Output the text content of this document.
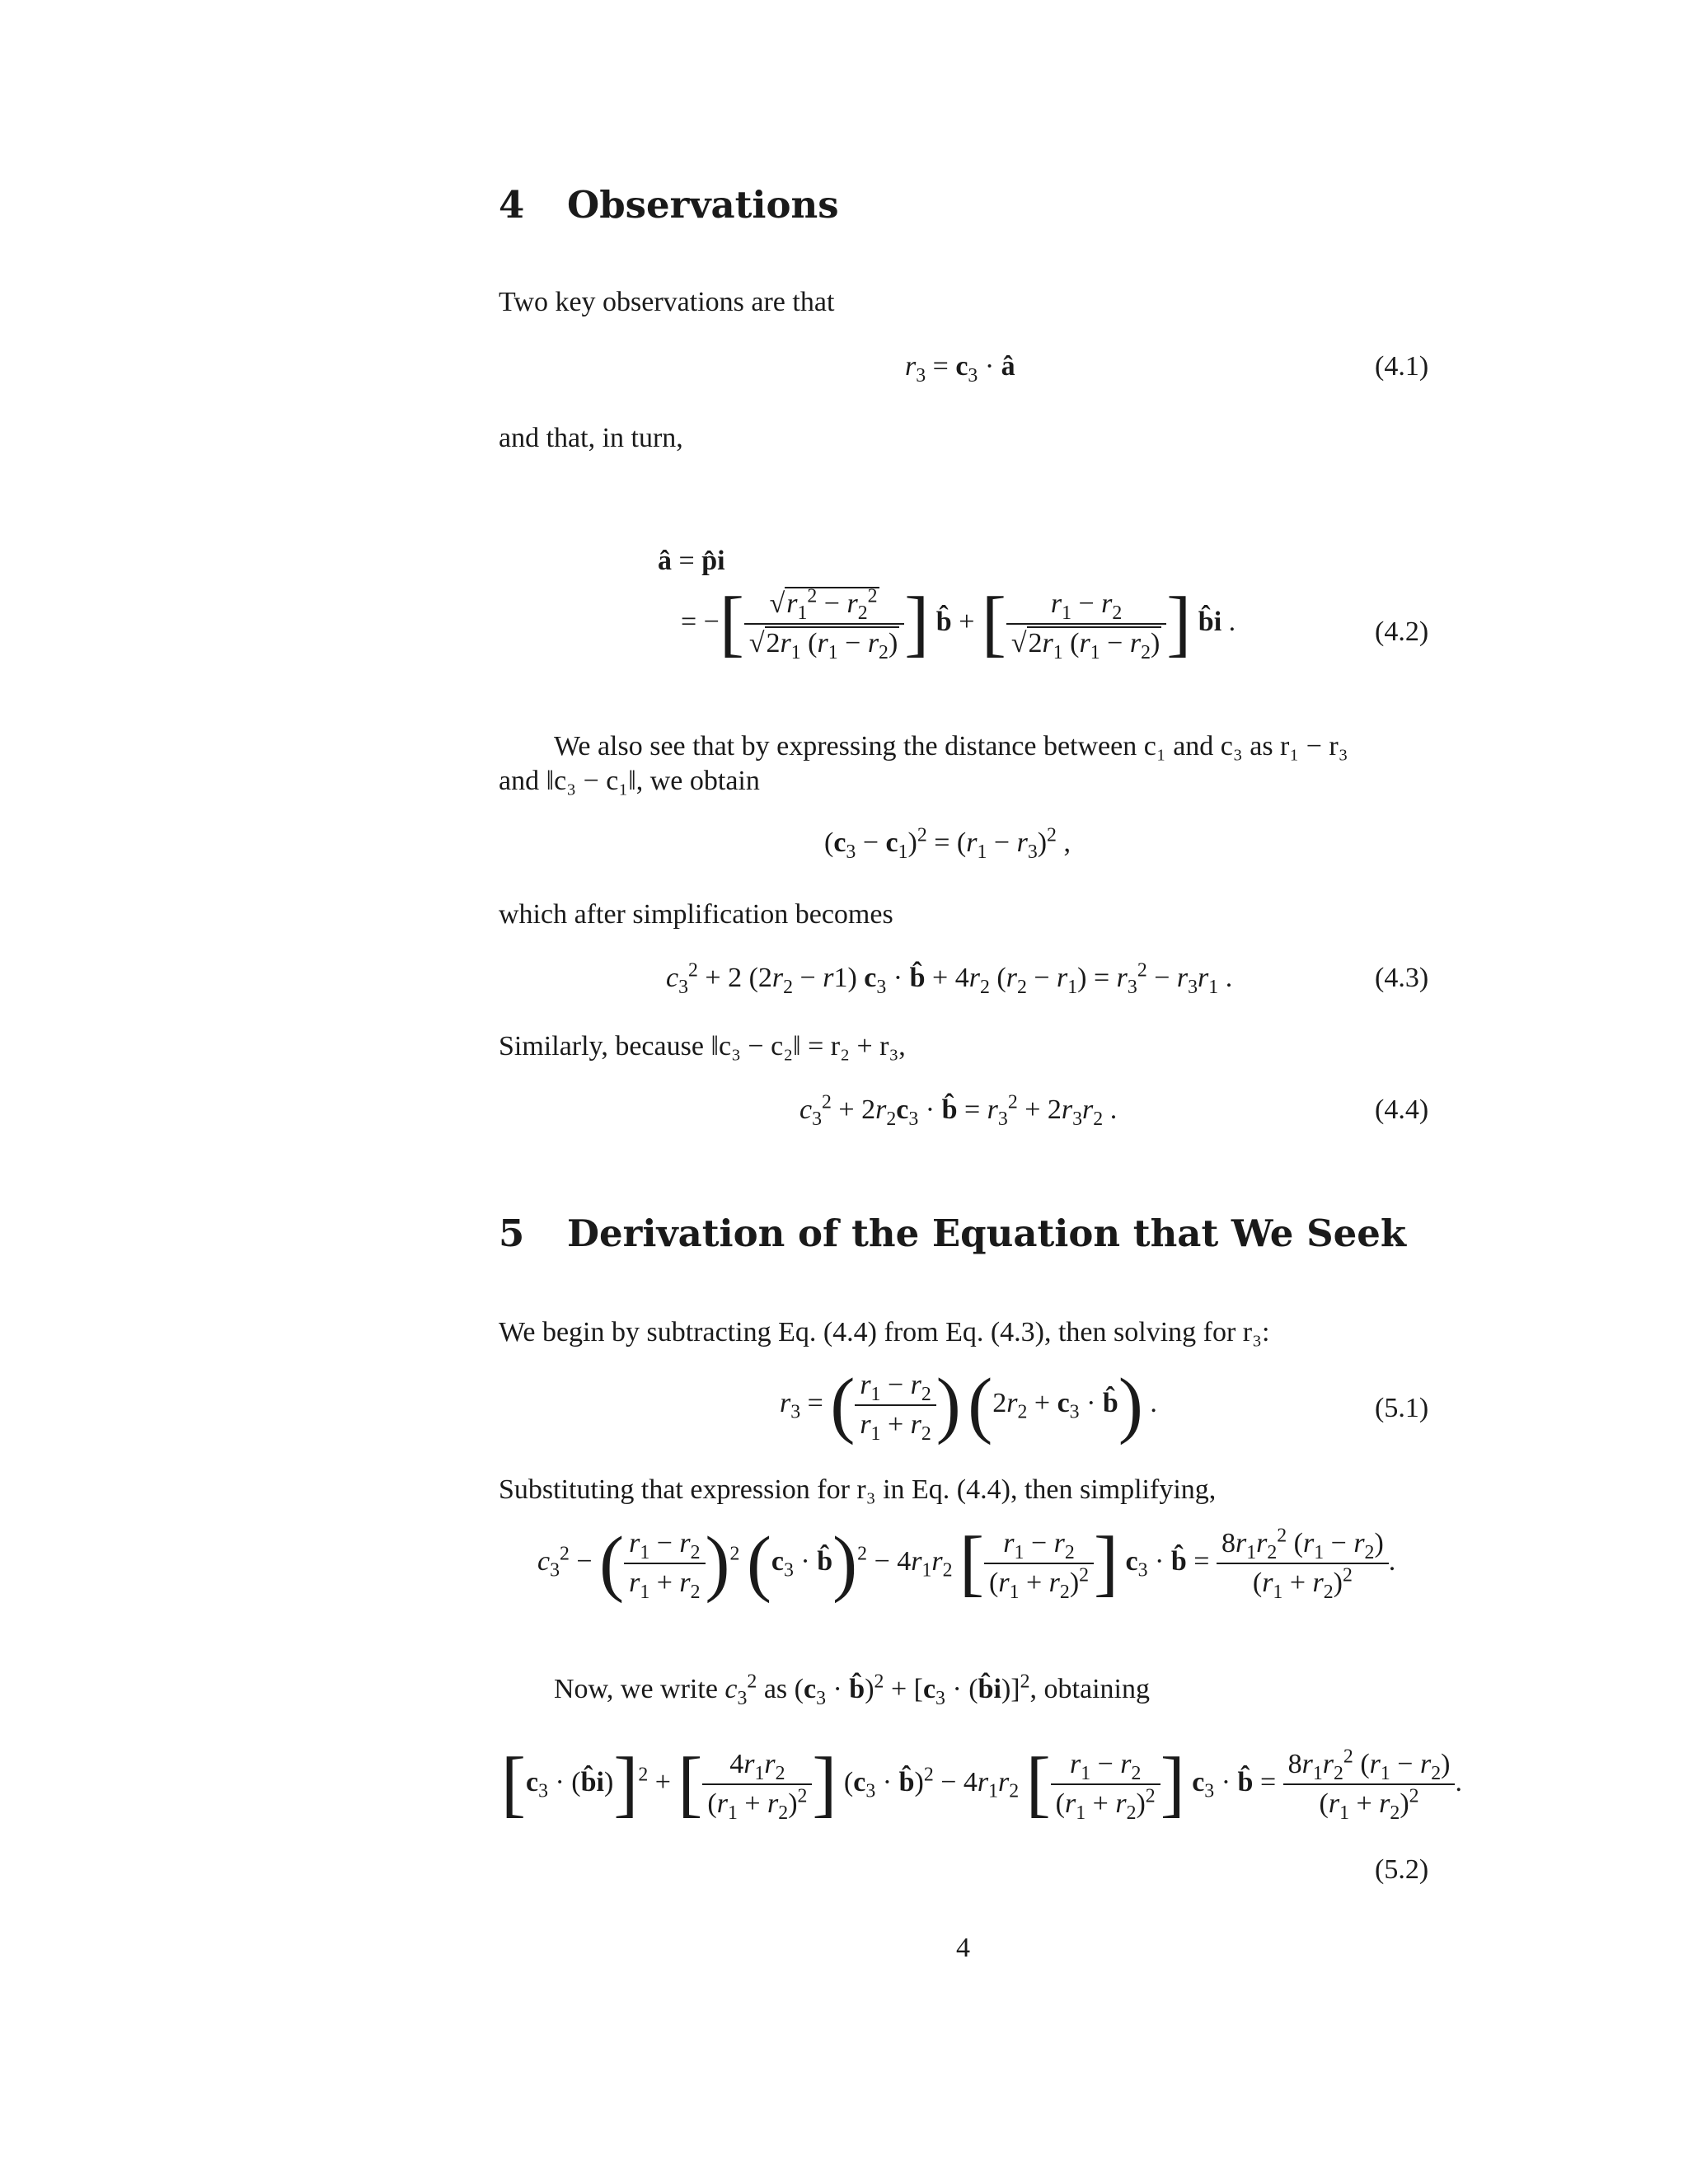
4 Observations
Two key observations are that
$r_3 = c_3$ · â	(4.1)
and that, in turn,
â = p̂i
= −[ $\frac{√r_1^2 - r_2^2}{√2r_1 (r_1 - r_2)}$ ] b̂ + [ $\frac{r_1 - r_2}{√2r_1 (r_1 - r_2)}$ ] b̂i .	(4.2)
We also see that by expressing the distance between c₁ and c₃ as r₁ − r₃
and ‖c₃ − c₁‖, we obtain
$(c_3 - c_1)^2 = (r_1 - r_3)^2$ ,
which after simplification becomes
$c_3^2 + 2$ $(2r_2 - r1) c_3$ · b̂ + $4r_2$ $(r_2 - r_1) = r_3^2 - r_3r_1$ .	(4.3)
Similarly, because ‖c₃ − c₂‖ = r₂ + r₃,
$c_3^2 + 2r_2c_3$ · b̂ = $r_3^2 + 2r_3r_2$ .	(4.4)
5 Derivation of the Equation that We Seek
We begin by subtracting Eq. (4.4) from Eq. (4.3), then solving for r₃:
$r_3$ = ( $\frac{r_1 - r_2}{r_1 + r_2}$ ) ($2r_2 + c_3$ · b̂) .	(5.1)
Substituting that expression for r₃ in Eq. (4.4), then simplifying,
$c_3^2$ − ( $\frac{r_1 - r_2}{r_1 + r_2} )^2$ ($c_3$ · b̂)$^2$ − $4r_1r_2$ [ $\frac{r_1 - r_2}{(r_1 + r_2)^2}$ ] $c_3$ · b̂ = $\frac{8r_1r_2^2 (r_1 - r_2)}{(r_1 + r_2)^2}$ .
Now, we write $c_3^2$ as ($c_3$ · b̂)$^2$ + [$c_3$ · (b̂i)]$^2$, obtaining
[$c_3$ · (b̂i)]$^2$ + [ $\frac{4r_1r_2}{(r_1 + r_2)^2}$ ] ($c_3$ · b̂)$^2$ − $4r_1r_2$ [ $\frac{r_1 - r_2}{(r_1 + r_2)^2}$ ] $c_3$ · b̂ = $\frac{8r_1r_2^2 (r_1 - r_2)}{(r_1 + r_2)^2}$ .
(5.2)
4
